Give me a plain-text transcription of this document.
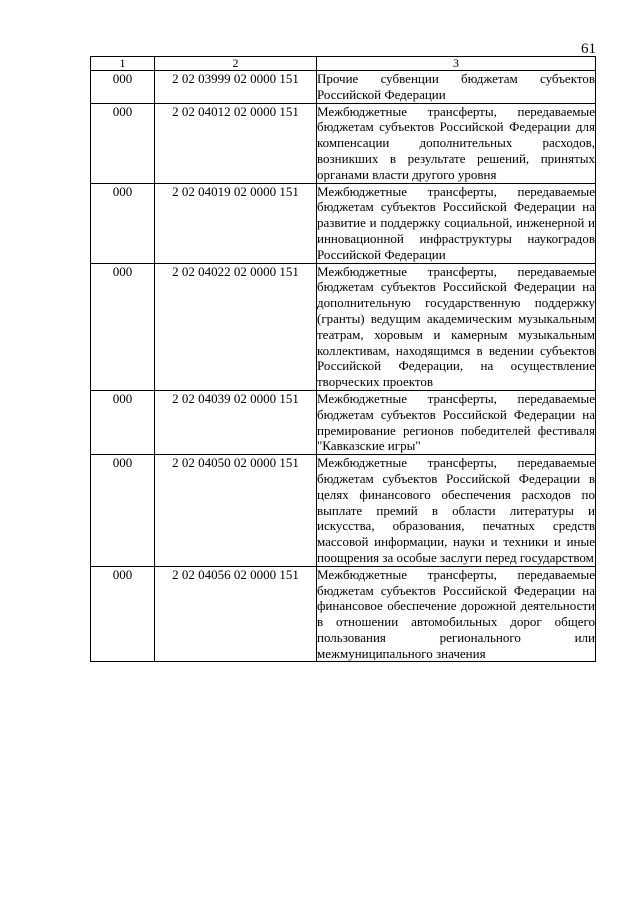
61
1	2	3
000	2 02 03999 02 0000 151	Прочие субвенции бюджетам субъектов Российской Федерации
000	2 02 04012 02 0000 151	Межбюджетные трансферты, передаваемые бюджетам субъектов Российской Федерации для компенсации дополнительных расходов, возникших в результате решений, принятых органами власти другого уровня
000	2 02 04019 02 0000 151	Межбюджетные трансферты, передаваемые бюджетам субъектов Российской Федерации на развитие и поддержку социальной, инженерной и инновационной инфраструктуры наукоградов Российской Федерации
000	2 02 04022 02 0000 151	Межбюджетные трансферты, передаваемые бюджетам субъектов Российской Федерации на дополнительную государственную поддержку (гранты) ведущим академическим музыкальным театрам, хоровым и камерным музыкальным коллективам, находящимся в ведении субъектов Российской Федерации, на осуществление творческих проектов
000	2 02 04039 02 0000 151	Межбюджетные трансферты, передаваемые бюджетам субъектов Российской Федерации на премирование регионов победителей фестиваля "Кавказские игры"
000	2 02 04050 02 0000 151	Межбюджетные трансферты, передаваемые бюджетам субъектов Российской Федерации в целях финансового обеспечения расходов по выплате премий в области литературы и искусства, образования, печатных средств массовой информации, науки и техники и иные поощрения за особые заслуги перед государством
000	2 02 04056 02 0000 151	Межбюджетные трансферты, передаваемые бюджетам субъектов Российской Федерации на финансовое обеспечение дорожной деятельности в отношении автомобильных дорог общего пользования регионального или межмуниципального значения
